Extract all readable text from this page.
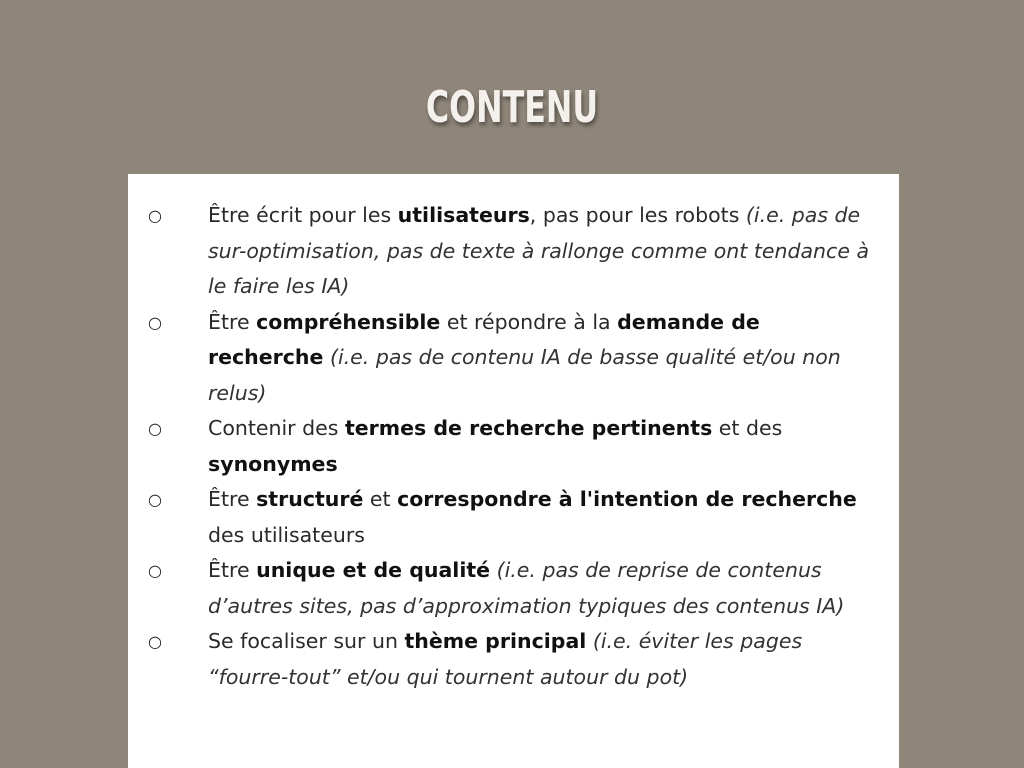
CONTENU
○ Être écrit pour les utilisateurs, pas pour les robots (i.e. pas de sur-optimisation, pas de texte à rallonge comme ont tendance à le faire les IA)
○ Être compréhensible et répondre à la demande de recherche (i.e. pas de contenu IA de basse qualité et/ou non relus)
○ Contenir des termes de recherche pertinents et des synonymes
○ Être structuré et correspondre à l'intention de recherche des utilisateurs
○ Être unique et de qualité (i.e. pas de reprise de contenus d’autres sites, pas d’approximation typiques des contenus IA)
○ Se focaliser sur un thème principal (i.e. éviter les pages “fourre-tout” et/ou qui tournent autour du pot)
